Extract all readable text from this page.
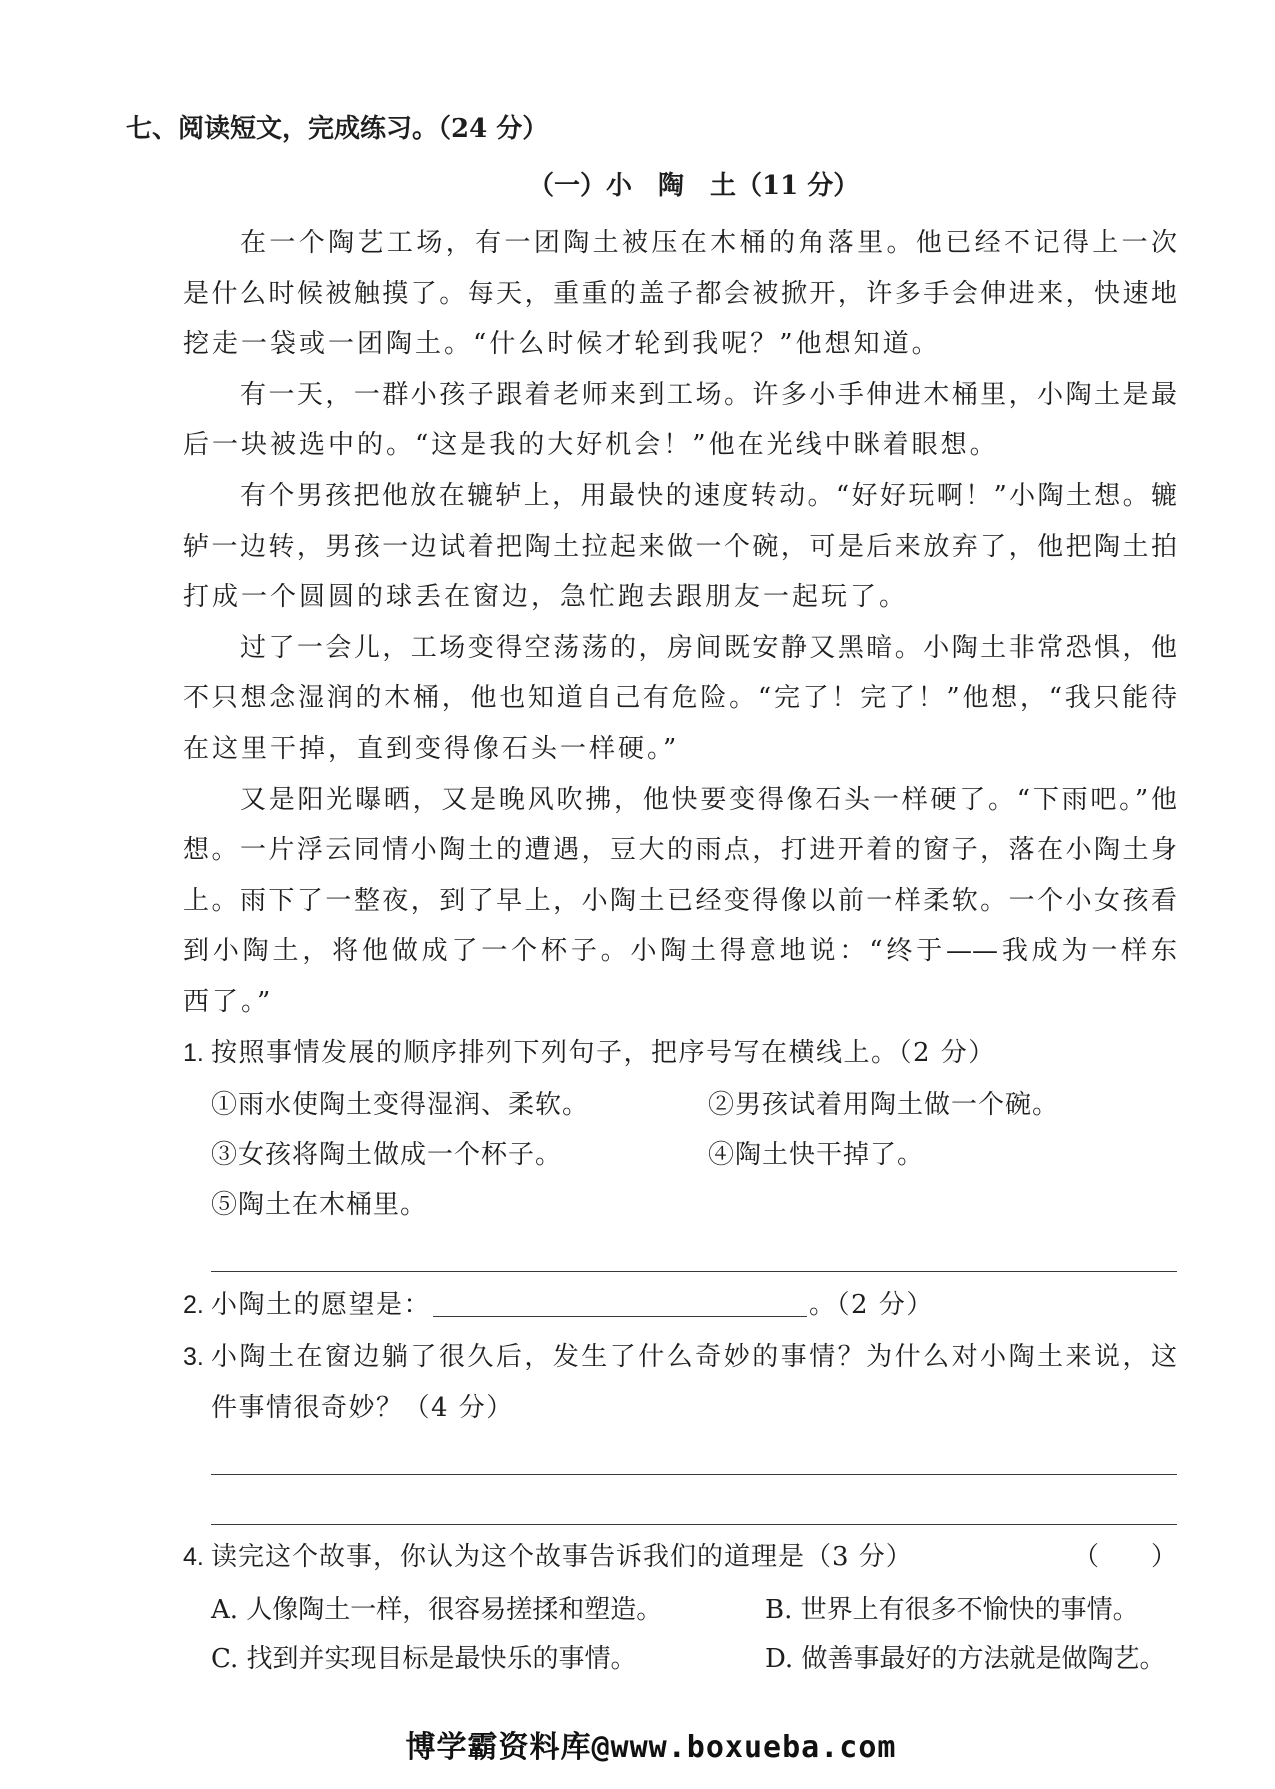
七、阅读短文，完成练习。（24 分）
（一）小　陶　土（11 分）
在一个陶艺工场，有一团陶土被压在木桶的角落里。他已经不记得上一次
是什么时候被触摸了。每天，重重的盖子都会被掀开，许多手会伸进来，快速地
挖走一袋或一团陶土。“什么时候才轮到我呢？”他想知道。
有一天，一群小孩子跟着老师来到工场。许多小手伸进木桶里，小陶土是最
后一块被选中的。“这是我的大好机会！”他在光线中眯着眼想。
有个男孩把他放在辘轳上，用最快的速度转动。“好好玩啊！”小陶土想。辘
轳一边转，男孩一边试着把陶土拉起来做一个碗，可是后来放弃了，他把陶土拍
打成一个圆圆的球丢在窗边，急忙跑去跟朋友一起玩了。
过了一会儿，工场变得空荡荡的，房间既安静又黑暗。小陶土非常恐惧，他
不只想念湿润的木桶，他也知道自己有危险。“完了！完了！”他想，“我只能待
在这里干掉，直到变得像石头一样硬。”
又是阳光曝晒，又是晚风吹拂，他快要变得像石头一样硬了。“下雨吧。”他
想。一片浮云同情小陶土的遭遇，豆大的雨点，打进开着的窗子，落在小陶土身
上。雨下了一整夜，到了早上，小陶土已经变得像以前一样柔软。一个小女孩看
到小陶土，将他做成了一个杯子。小陶土得意地说：“终于——我成为一样东
西了。”
1. 按照事情发展的顺序排列下列句子，把序号写在横线上。（2 分）
①雨水使陶土变得湿润、柔软。	②男孩试着用陶土做一个碗。
③女孩将陶土做成一个杯子。	④陶土快干掉了。
⑤陶土在木桶里。
2. 小陶土的愿望是：	。（2 分）
3. 小陶土在窗边躺了很久后，发生了什么奇妙的事情？为什么对小陶土来说，这
件事情很奇妙？（4 分）
4. 读完这个故事，你认为这个故事告诉我们的道理是（3 分）	（　　）
A. 人像陶土一样，很容易搓揉和塑造。	B. 世界上有很多不愉快的事情。
C. 找到并实现目标是最快乐的事情。	D. 做善事最好的方法就是做陶艺。
博学霸资料库@www.boxueba.com
